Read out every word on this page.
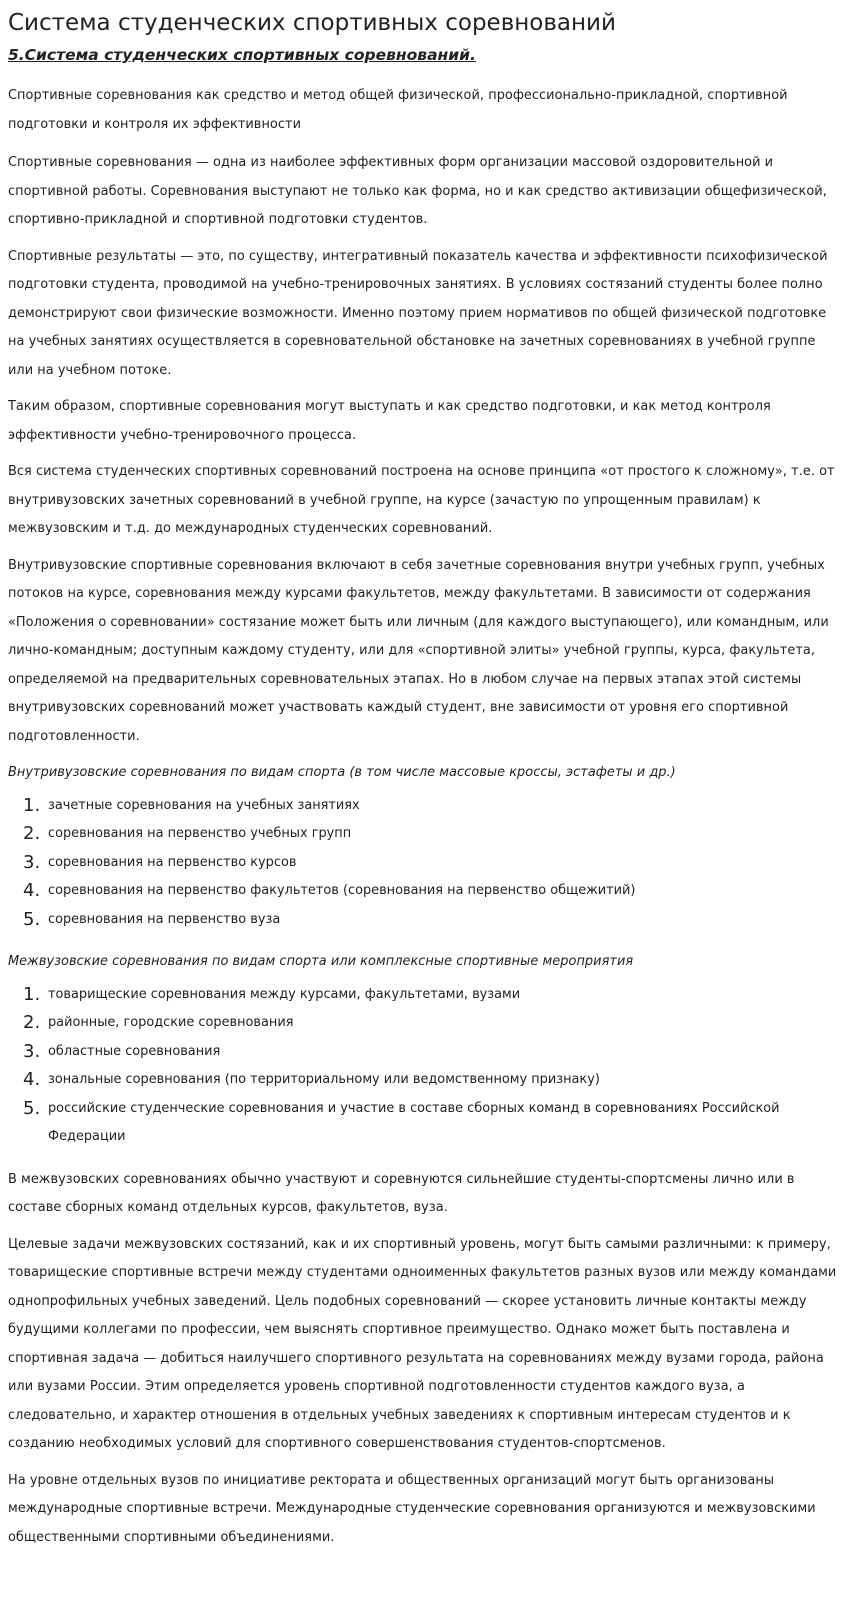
Система студенческих спортивных соревнований
5.Система студенческих спортивных соревнований.

Спортивные соревнования как средство и метод общей физической, профессионально-прикладной, спортивной подготовки и контроля их эффективности

Спортивные соревнования — одна из наиболее эффективных форм организации массовой оздоровительной и спортивной работы. Соревнования выступают не только как форма, но и как средство активизации общефизической, спортивно-прикладной и спортивной подготовки студентов.

Спортивные результаты — это, по существу, интегративный показатель качества и эффективности психофизической подготовки студента, проводимой на учебно-тренировочных занятиях. В условиях состязаний студенты более полно демонстрируют свои физические возможности. Именно поэтому прием нормативов по общей физической подготовке на учебных занятиях осуществляется в соревновательной обстановке на зачетных соревнованиях в учебной группе или на учебном потоке.

Таким образом, спортивные соревнования могут выступать и как средство подготовки, и как метод контроля эффективности учебно-тренировочного процесса.

Вся система студенческих спортивных соревнований построена на основе принципа «от простого к сложному», т.е. от внутривузовских зачетных соревнований в учебной группе, на курсе (зачастую по упрощенным правилам) к межвузовским и т.д. до международных студенческих соревнований.

Внутривузовские спортивные соревнования включают в себя зачетные соревнования внутри учебных групп, учебных потоков на курсе, соревнования между курсами факультетов, между факультетами. В зависимости от содержания «Положения о соревновании» состязание может быть или личным (для каждого выступающего), или командным, или лично-командным; доступным каждому студенту, или для «спортивной элиты» учебной группы, курса, факультета, определяемой на предварительных соревновательных этапах. Но в любом случае на первых этапах этой системы внутривузовских соревнований может участвовать каждый студент, вне зависимости от уровня его спортивной подготовленности.

Внутривузовские соревнования по видам спорта (в том числе массовые кроссы, эстафеты и др.)

зачетные соревнования на учебных занятиях
соревнования на первенство учебных групп
соревнования на первенство курсов
соревнования на первенство факультетов (соревнования на первенство общежитий)
соревнования на первенство вуза

Межвузовские соревнования по видам спорта или комплексные спортивные мероприятия

товарищеские соревнования между курсами, факультетами, вузами
районные, городские соревнования
областные соревнования
зональные соревнования (по территориальному или ведомственному признаку)
российские студенческие соревнования и участие в составе сборных команд в соревнованиях Российской Федерации

В межвузовских соревнованиях обычно участвуют и соревнуются сильнейшие студенты-спортсмены лично или в составе сборных команд отдельных курсов, факультетов, вуза.

Целевые задачи межвузовских состязаний, как и их спортивный уровень, могут быть самыми различными: к примеру, товарищеские спортивные встречи между студентами одноименных факультетов разных вузов или между командами однопрофильных учебных заведений. Цель подобных соревнований — скорее установить личные контакты между будущими коллегами по профессии, чем выяснять спортивное преимущество. Однако может быть поставлена и спортивная задача — добиться наилучшего спортивного результата на соревнованиях между вузами города, района или вузами России. Этим определяется уровень спортивной подготовленности студентов каждого вуза, а следовательно, и характер отношения в отдельных учебных заведениях к спортивным интересам студентов и к созданию необходимых условий для спортивного совершенствования студентов-спортсменов.

На уровне отдельных вузов по инициативе ректората и общественных организаций могут быть организованы международные спортивные встречи. Международные студенческие соревнования организуются и межвузовскими общественными спортивными объединениями.
